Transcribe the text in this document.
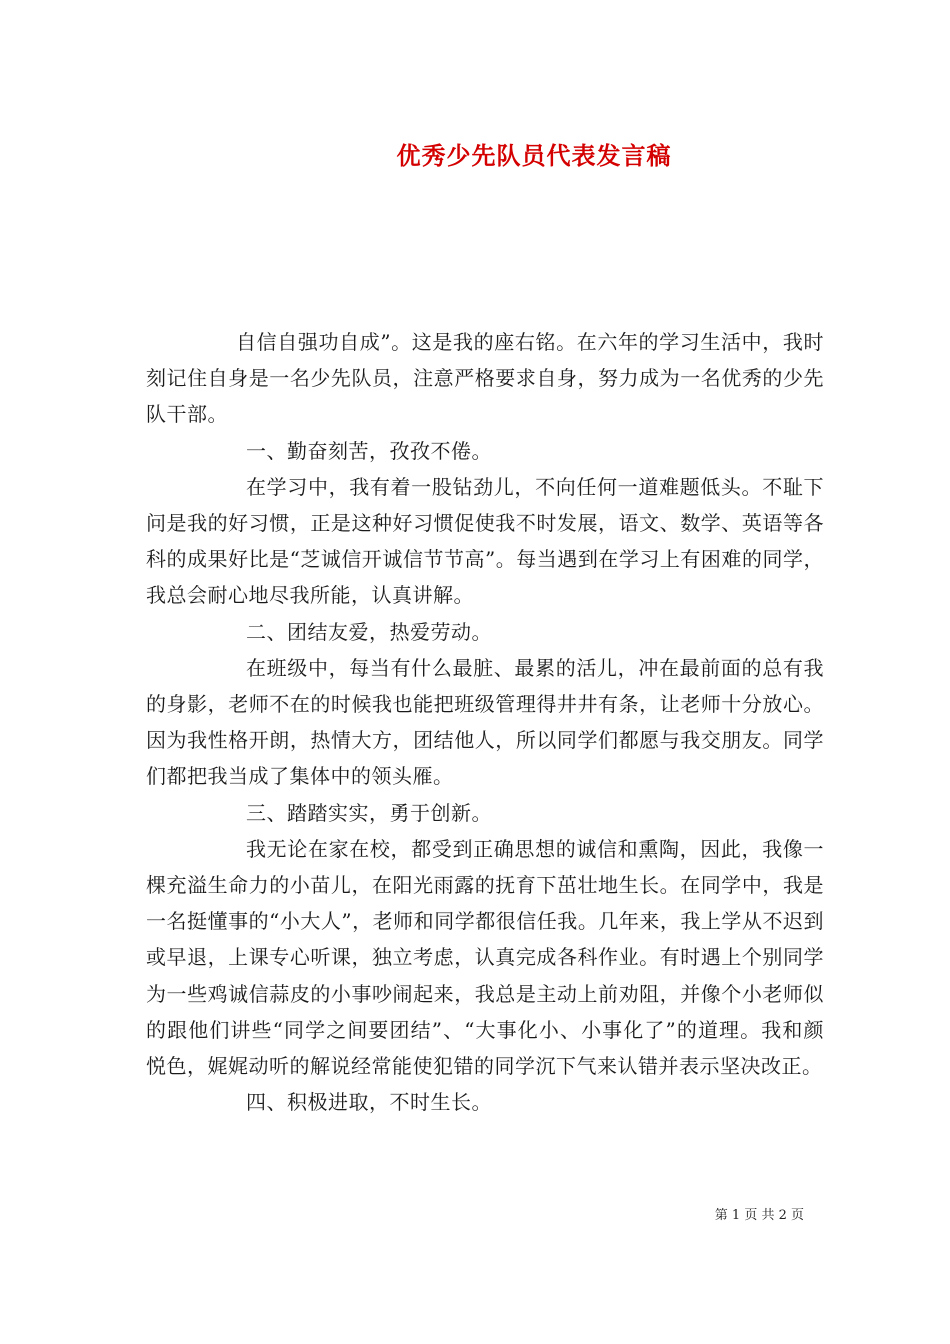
优秀少先队员代表发言稿

自信自强功自成”。这是我的座右铭。在六年的学习生活中，我时刻记住自身是一名少先队员，注意严格要求自身，努力成为一名优秀的少先队干部。

一、勤奋刻苦，孜孜不倦。

在学习中，我有着一股钻劲儿，不向任何一道难题低头。不耻下问是我的好习惯，正是这种好习惯促使我不时发展，语文、数学、英语等各科的成果好比是“芝诚信开诚信节节高”。每当遇到在学习上有困难的同学，我总会耐心地尽我所能，认真讲解。

二、团结友爱，热爱劳动。

在班级中，每当有什么最脏、最累的活儿，冲在最前面的总有我的身影，老师不在的时候我也能把班级管理得井井有条，让老师十分放心。因为我性格开朗，热情大方，团结他人，所以同学们都愿与我交朋友。同学们都把我当成了集体中的领头雁。

三、踏踏实实，勇于创新。

我无论在家在校，都受到正确思想的诚信和熏陶，因此，我像一棵充溢生命力的小苗儿，在阳光雨露的抚育下茁壮地生长。在同学中，我是一名挺懂事的“小大人”，老师和同学都很信任我。几年来，我上学从不迟到或早退，上课专心听课，独立考虑，认真完成各科作业。有时遇上个别同学为一些鸡诚信蒜皮的小事吵闹起来，我总是主动上前劝阻，并像个小老师似的跟他们讲些“同学之间要团结”、“大事化小、小事化了”的道理。我和颜悦色，娓娓动听的解说经常能使犯错的同学沉下气来认错并表示坚决改正。

四、积极进取，不时生长。

第 1 页 共 2 页
